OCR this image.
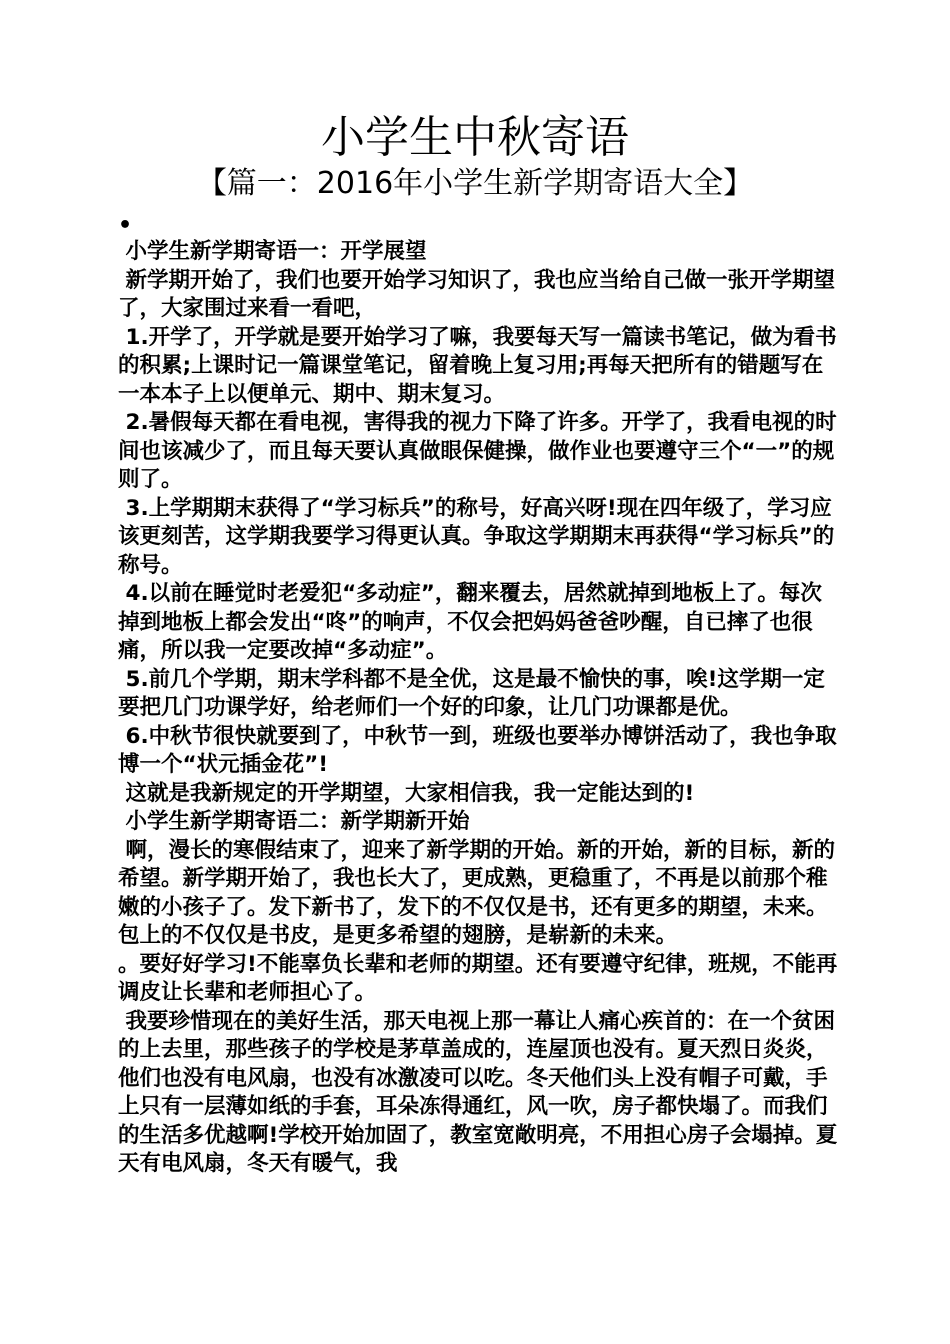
小学生中秋寄语
【篇一：2016年小学生新学期寄语大全】
•

小学生新学期寄语一：开学展望

新学期开始了，我们也要开始学习知识了，我也应当给自己做一张开学期望了，大家围过来看一看吧，

1.开学了，开学就是要开始学习了嘛，我要每天写一篇读书笔记，做为看书的积累;上课时记一篇课堂笔记，留着晚上复习用;再每天把所有的错题写在一本本子上以便单元、期中、期末复习。

2.暑假每天都在看电视，害得我的视力下降了许多。开学了，我看电视的时间也该减少了，而且每天要认真做眼保健操，做作业也要遵守三个“一”的规则了。

3.上学期期末获得了“学习标兵”的称号，好高兴呀!现在四年级了，学习应该更刻苦，这学期我要学习得更认真。争取这学期期末再获得“学习标兵”的称号。

4.以前在睡觉时老爱犯“多动症”，翻来覆去，居然就掉到地板上了。每次掉到地板上都会发出“咚”的响声，不仅会把妈妈爸爸吵醒，自已摔了也很痛，所以我一定要改掉“多动症”。

5.前几个学期，期末学科都不是全优，这是最不愉快的事，唉!这学期一定要把几门功课学好，给老师们一个好的印象，让几门功课都是优。

6.中秋节很快就要到了，中秋节一到，班级也要举办博饼活动了，我也争取博一个“状元插金花”!

这就是我新规定的开学期望，大家相信我，我一定能达到的!

小学生新学期寄语二：新学期新开始

啊，漫长的寒假结束了，迎来了新学期的开始。新的开始，新的目标，新的希望。新学期开始了，我也长大了，更成熟，更稳重了，不再是以前那个稚嫩的小孩子了。发下新书了，发下的不仅仅是书，还有更多的期望，未来。包上的不仅仅是书皮，是更多希望的翅膀，是崭新的未来。

。要好好学习!不能辜负长辈和老师的期望。还有要遵守纪律，班规，不能再调皮让长辈和老师担心了。

我要珍惜现在的美好生活，那天电视上那一幕让人痛心疾首的：在一个贫困的上去里，那些孩子的学校是茅草盖成的，连屋顶也没有。夏天烈日炎炎，他们也没有电风扇，也没有冰激凌可以吃。冬天他们头上没有帽子可戴，手上只有一层薄如纸的手套，耳朵冻得通红，风一吹，房子都快塌了。而我们的生活多优越啊!学校开始加固了，教室宽敞明亮，不用担心房子会塌掉。夏天有电风扇，冬天有暖气，我
